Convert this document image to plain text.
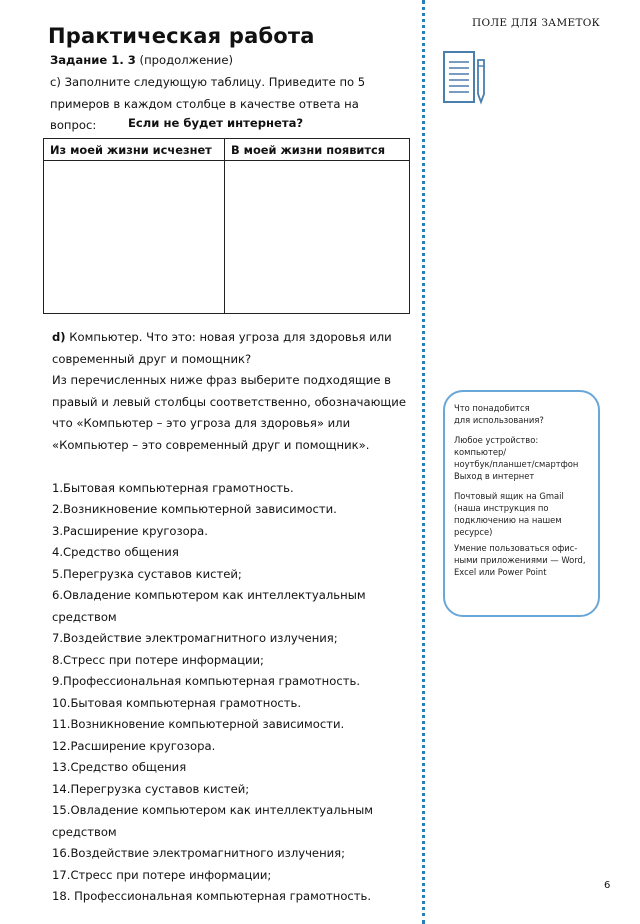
Практическая работа
Задание 1. 3 (продолжение)
c) Заполните следующую таблицу. Приведите по 5 примеров в каждом столбце в качестве ответа на вопрос:	Если не будет интернета?
Из моей жизни исчезнет	В моей жизни появится

d) Компьютер. Что это: новая угроза для здоровья или современный друг и помощник?

Из перечисленных ниже фраз выберите подходящие в правый и левый столбцы соответственно, обозначающие что «Компьютер – это угроза для здоровья» или «Компьютер – это современный друг и помощник».

1.Бытовая компьютерная грамотность.
2.Возникновение компьютерной зависимости.
3.Расширение кругозора.
4.Средство общения
5.Перегрузка суставов кистей;
6.Овладение компьютером как интеллектуальным средством
7.Воздействие электромагнитного излучения;
8.Стресс при потере информации;
9.Профессиональная компьютерная грамотность.
10.Бытовая компьютерная грамотность.
11.Возникновение компьютерной зависимости.
12.Расширение кругозора.
13.Средство общения
14.Перегрузка суставов кистей;
15.Овладение компьютером как интеллектуальным средством
16.Воздействие электромагнитного излучения;
17.Стресс при потере информации;
18. Профессиональная компьютерная грамотность.
ПОЛЕ ДЛЯ ЗАМЕТОК

Что понадобится

для использования?

Любое устройство:

компьютер/

ноутбук/планшет/смартфон

Выход в интернет

Почтовый ящик на Gmail

(наша инструкция по подключению на нашем ресурсе)

Умение пользоваться офис-ными приложениями — Word,

Excel или Power Point

6
